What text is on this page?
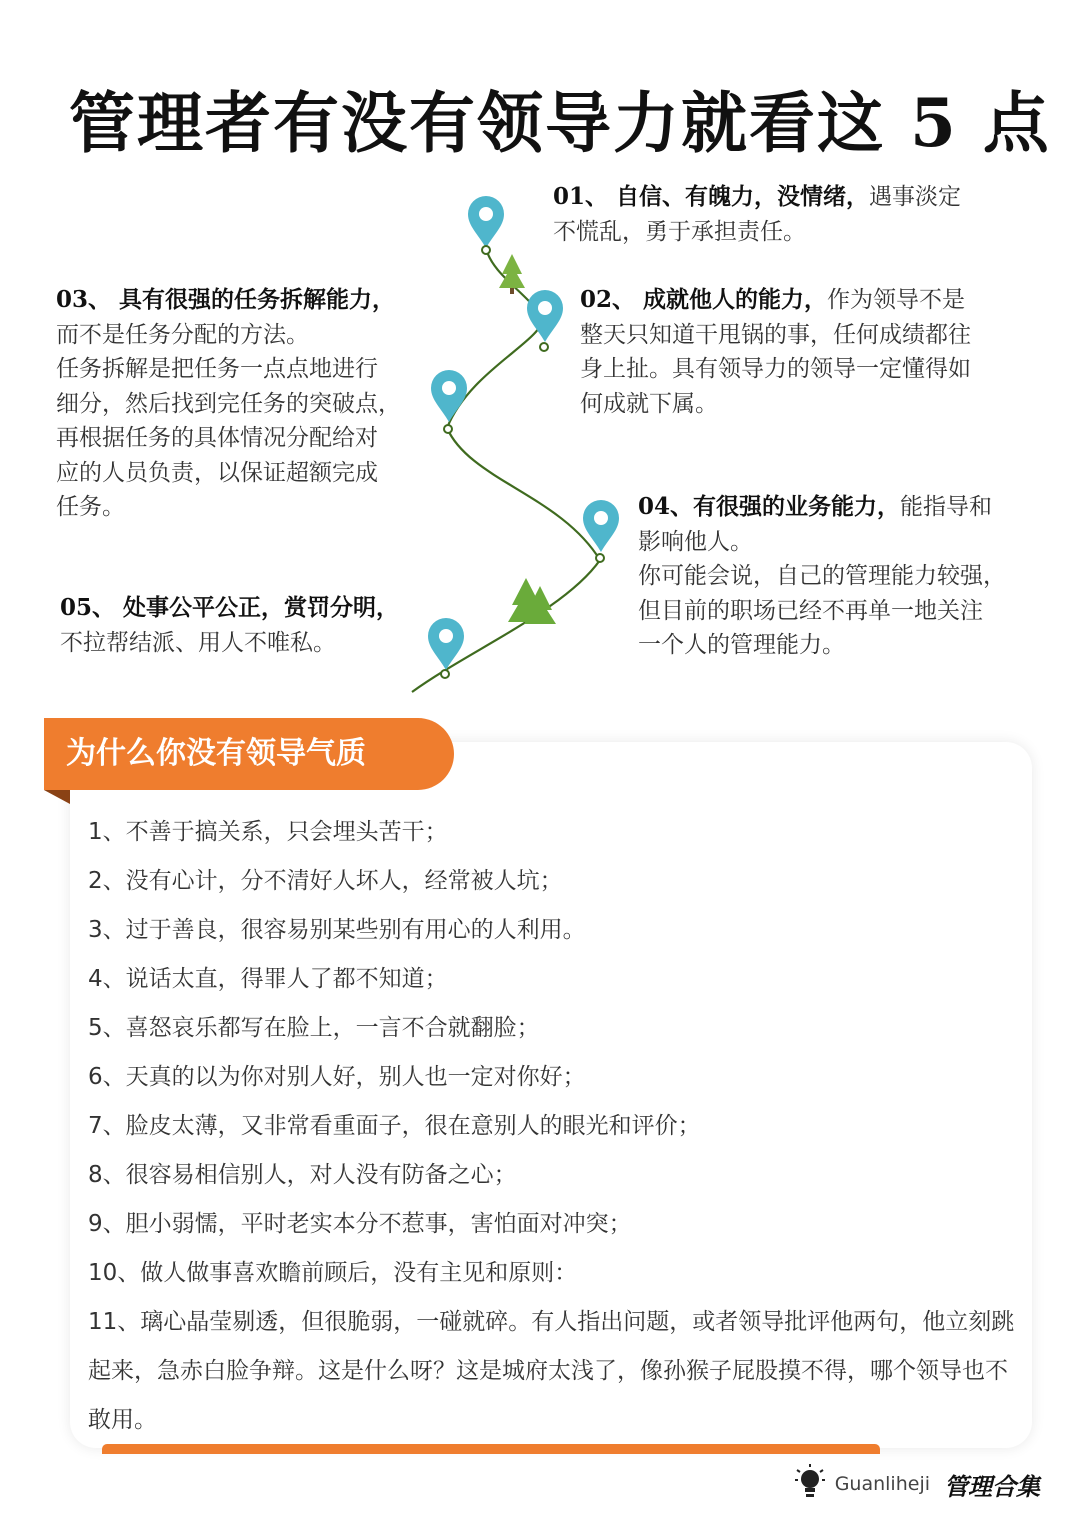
管理者有没有领导力就看这 5 点
01、 自信、有魄力，没情绪，遇事淡定
不慌乱，勇于承担责任。
02、 成就他人的能力，作为领导不是
整天只知道干甩锅的事，任何成绩都往
身上扯。具有领导力的领导一定懂得如
何成就下属。
03、 具有很强的任务拆解能力，
而不是任务分配的方法。
任务拆解是把任务一点点地进行
细分，然后找到完任务的突破点，
再根据任务的具体情况分配给对
应的人员负责，以保证超额完成
任务。	04、有很强的业务能力，能指导和
影响他人。
你可能会说，自己的管理能力较强，
但目前的职场已经不再单一地关注
一个人的管理能力。
05、 处事公平公正，赏罚分明，
不拉帮结派、用人不唯私。
为什么你没有领导气质
1、不善于搞关系，只会埋头苦干；
2、没有心计，分不清好人坏人，经常被人坑；
3、过于善良，很容易别某些别有用心的人利用。
4、说话太直，得罪人了都不知道；
5、喜怒哀乐都写在脸上，一言不合就翻脸；
6、天真的以为你对别人好，别人也一定对你好；
7、脸皮太薄，又非常看重面子，很在意别人的眼光和评价；
8、很容易相信别人，对人没有防备之心；
9、胆小弱懦，平时老实本分不惹事，害怕面对冲突；
10、做人做事喜欢瞻前顾后，没有主见和原则：
11、璃心晶莹剔透，但很脆弱，一碰就碎。有人指出问题，或者领导批评他两句，他立刻跳起来，急赤白脸争辩。这是什么呀？这是城府太浅了，像孙猴子屁股摸不得，哪个领导也不敢用。
Guanliheji 管理合集
